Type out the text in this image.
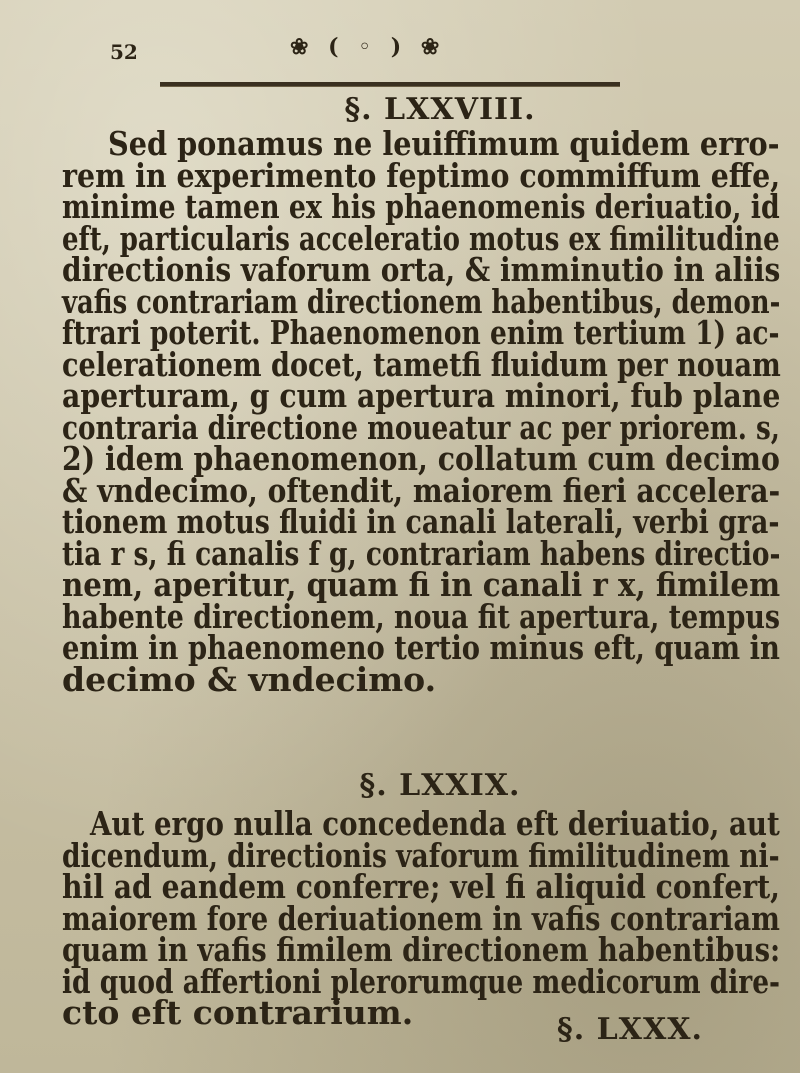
52	❀ ( ◦ ) ❀
§. LXXVIII.
Sed ponamus ne leuiffimum quidem erro-
rem in experimento feptimo commiffum effe,
minime tamen ex his phaenomenis deriuatio, id
eft, particularis acceleratio motus ex fimilitudine
directionis vaforum orta, & imminutio in aliis
vafis contrariam directionem habentibus, demon-
ftrari poterit. Phaenomenon enim tertium 1) ac-
celerationem docet, tametfi fluidum per nouam
aperturam, g cum apertura minori, fub plane
contraria directione moueatur ac per priorem. s,
2) idem phaenomenon, collatum cum decimo
& vndecimo, oftendit, maiorem fieri accelera-
tionem motus fluidi in canali laterali, verbi gra-
tia r s, fi canalis f g, contrariam habens directio-
nem, aperitur, quam fi in canali r x, fimilem
habente directionem, noua fit apertura, tempus
enim in phaenomeno tertio minus eft, quam in
decimo & vndecimo.
§. LXXIX.
Aut ergo nulla concedenda eft deriuatio, aut
dicendum, directionis vaforum fimilitudinem ni-
hil ad eandem conferre; vel fi aliquid confert,
maiorem fore deriuationem in vafis contrariam
quam in vafis fimilem directionem habentibus:
id quod affertioni plerorumque medicorum dire-
cto eft contrarium.	§. LXXX.
